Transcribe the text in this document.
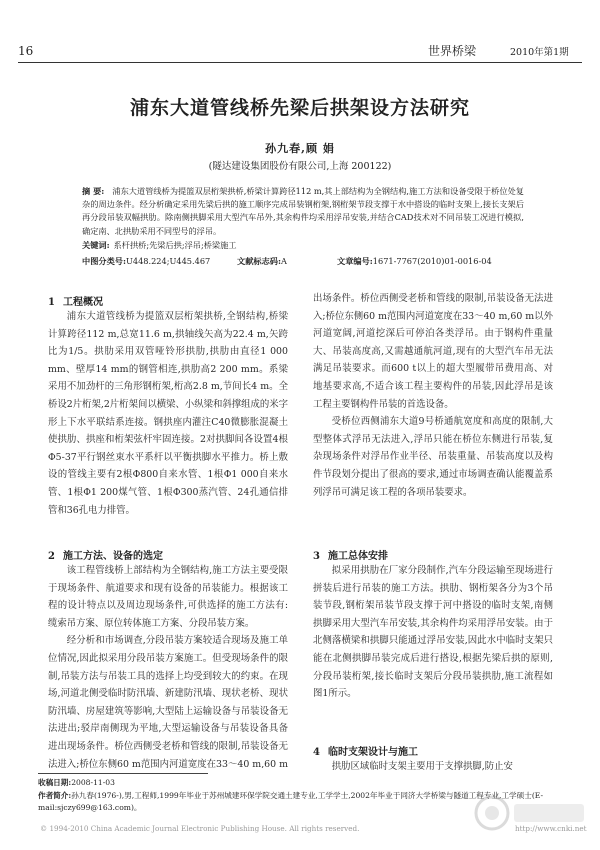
16	世界桥梁	2010年第1期
浦东大道管线桥先梁后拱架设方法研究
孙九春,顾 娟
(隧达建设集团股份有限公司,上海 200122)
摘 要: 浦东大道管线桥为提篮双层桁架拱桥,桥梁计算跨径112 m,其上部结构为全钢结构,施工方法和设备受限于桥位处复杂的周边条件。经分析确定采用先梁后拱的施工顺序完成吊装钢桁架,钢桁架节段支撑于水中搭设的临时支架上,接长支架后再分段吊装双幅拱肋。除南侧拱脚采用大型汽车吊外,其余构件均采用浮吊安装,并结合CAD技术对不同吊装工况进行模拟,确定南、北拱肋采用不同型号的浮吊。
关键词: 系杆拱桥;先梁后拱;浮吊;桥梁施工
中图分类号:U448.224;U445.467	文献标志码:A	文章编号:1671-7767(2010)01-0016-04
1 工程概况

浦东大道管线桥为提篮双层桁架拱桥,全钢结构,桥梁计算跨径112 m,总宽11.6 m,拱轴线矢高为22.4 m,矢跨比为1/5。拱肋采用双管哑铃形拱肋,拱肋由直径1 000 mm、壁厚14 mm的钢管相连,拱肋高2 200 mm。系梁采用不加劲杆的三角形钢桁架,桁高2.8 m,节间长4 m。全桥设2片桁架,2片桁架间以横梁、小纵梁和斜撑组成的米字形上下水平联结系连接。钢拱座内灌注C40微膨胀混凝土使拱肋、拱座和桁架弦杆牢固连接。2对拱脚间各设置4根Φ5-37平行钢丝束水平系杆以平衡拱脚水平推力。桥上敷设的管线主要有2根Φ800自来水管、1根Φ1 000自来水管、1根Φ1 200煤气管、1根Φ300蒸汽管、24孔通信排管和36孔电力排管。

2 施工方法、设备的选定

该工程管线桥上部结构为全钢结构,施工方法主要受限于现场条件、航道要求和现有设备的吊装能力。根据该工程的设计特点以及周边现场条件,可供选择的施工方法有:缆索吊方案、原位转体施工方案、分段吊装方案。

经分析和市场调查,分段吊装方案较适合现场及施工单位情况,因此拟采用分段吊装方案施工。但受现场条件的限制,吊装方法与吊装工具的选择上均受到较大的约束。在现场,河道北侧受临时防汛墙、新建防汛墙、现状老桥、现状防汛墙、房屋建筑等影响,大型陆上运输设备与吊装设备无法进出;驳岸南侧现为平地,大型运输设备与吊装设备具备进出现场条件。桥位西侧受老桥和管线的限制,吊装设备无法进入;桥位东侧60 m范围内河道宽度在33～40 m,60 m

出场条件。桥位西侧受老桥和管线的限制,吊装设备无法进入;桥位东侧60 m范围内河道宽度在33～40 m,60 m以外河道宽阔,河道挖深后可停泊各类浮吊。由于钢构件重量大、吊装高度高,又需越通航河道,现有的大型汽车吊无法满足吊装要求。而600 t以上的超大型履带吊费用高、对地基要求高,不适合该工程主要构件的吊装,因此浮吊是该工程主要钢构件吊装的首选设备。

受桥位西侧浦东大道9号桥通航宽度和高度的限制,大型整体式浮吊无法进入,浮吊只能在桥位东侧进行吊装,复杂现场条件对浮吊作业半径、吊装重量、吊装高度以及构件节段划分提出了很高的要求,通过市场调查确认能覆盖系列浮吊可满足该工程的各项吊装要求。

3 施工总体安排

拟采用拱肋在厂家分段制作,汽车分段运输至现场进行拼装后进行吊装的施工方法。拱肋、钢桁架各分为3个吊装节段,钢桁架吊装节段支撑于河中搭设的临时支架,南侧拱脚采用大型汽车吊安装,其余构件均采用浮吊安装。由于北侧落横梁和拱脚只能通过浮吊安装,因此水中临时支架只能在北侧拱脚吊装完成后进行搭设,根据先梁后拱的原则,分段吊装桁架,接长临时支架后分段吊装拱肋,施工流程如图1所示。

4 临时支架设计与施工

拱肋区域临时支架主要用于支撑拱脚,防止安

收稿日期:2008-11-03
作者简介:孙九春(1976-),男,工程师,1999年毕业于苏州城建环保学院交通土建专业,工学学士,2002年毕业于同济大学桥梁与隧道工程专业,工学硕士(E-mail:sjczy699@163.com)。
© 1994-2010 China Academic Journal Electronic Publishing House. All rights reserved.	http://www.cnki.net
